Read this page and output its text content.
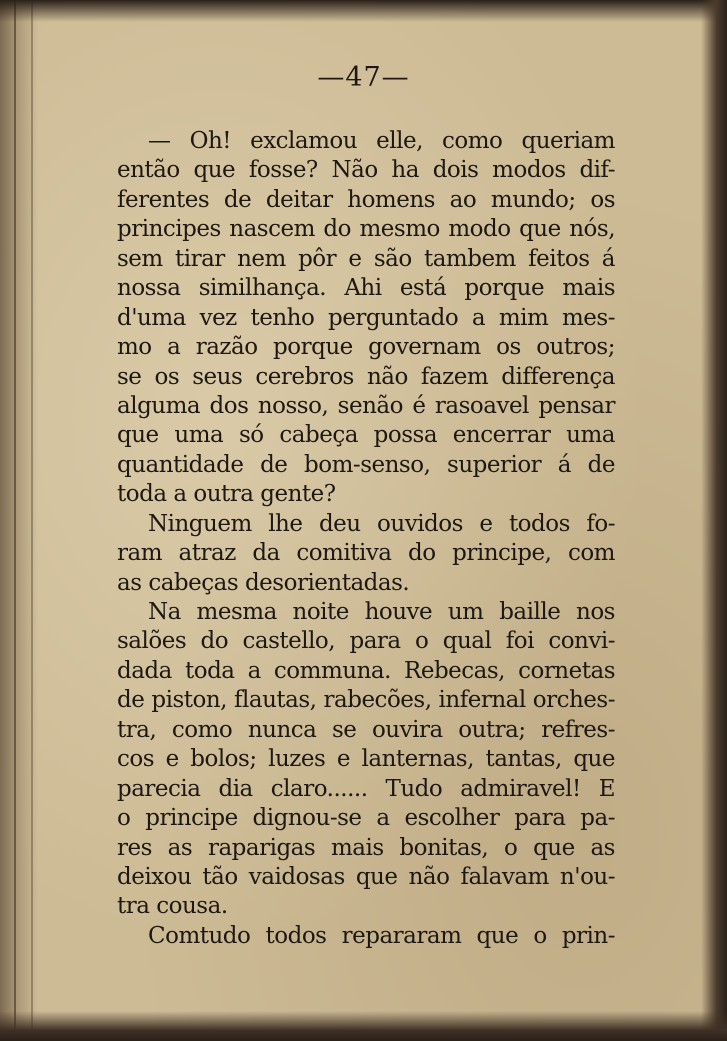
—47—
— Oh! exclamou elle, como queriam
então que fosse? Não ha dois modos dif-
ferentes de deitar homens ao mundo; os
principes nascem do mesmo modo que nós,
sem tirar nem pôr e são tambem feitos á
nossa similhança. Ahi está porque mais
d'uma vez tenho perguntado a mim mes-
mo a razão porque governam os outros;
se os seus cerebros não fazem differença
alguma dos nosso, senão é rasoavel pensar
que uma só cabeça possa encerrar uma
quantidade de bom-senso, superior á de
toda a outra gente?
Ninguem lhe deu ouvidos e todos fo-
ram atraz da comitiva do principe, com
as cabeças desorientadas.
Na mesma noite houve um baille nos
salões do castello, para o qual foi convi-
dada toda a communa. Rebecas, cornetas
de piston, flautas, rabecões, infernal orches-
tra, como nunca se ouvira outra; refres-
cos e bolos; luzes e lanternas, tantas, que
parecia dia claro...... Tudo admiravel! E
o principe dignou-se a escolher para pa-
res as raparigas mais bonitas, o que as
deixou tão vaidosas que não falavam n'ou-
tra cousa.
Comtudo todos repararam que o prin-
